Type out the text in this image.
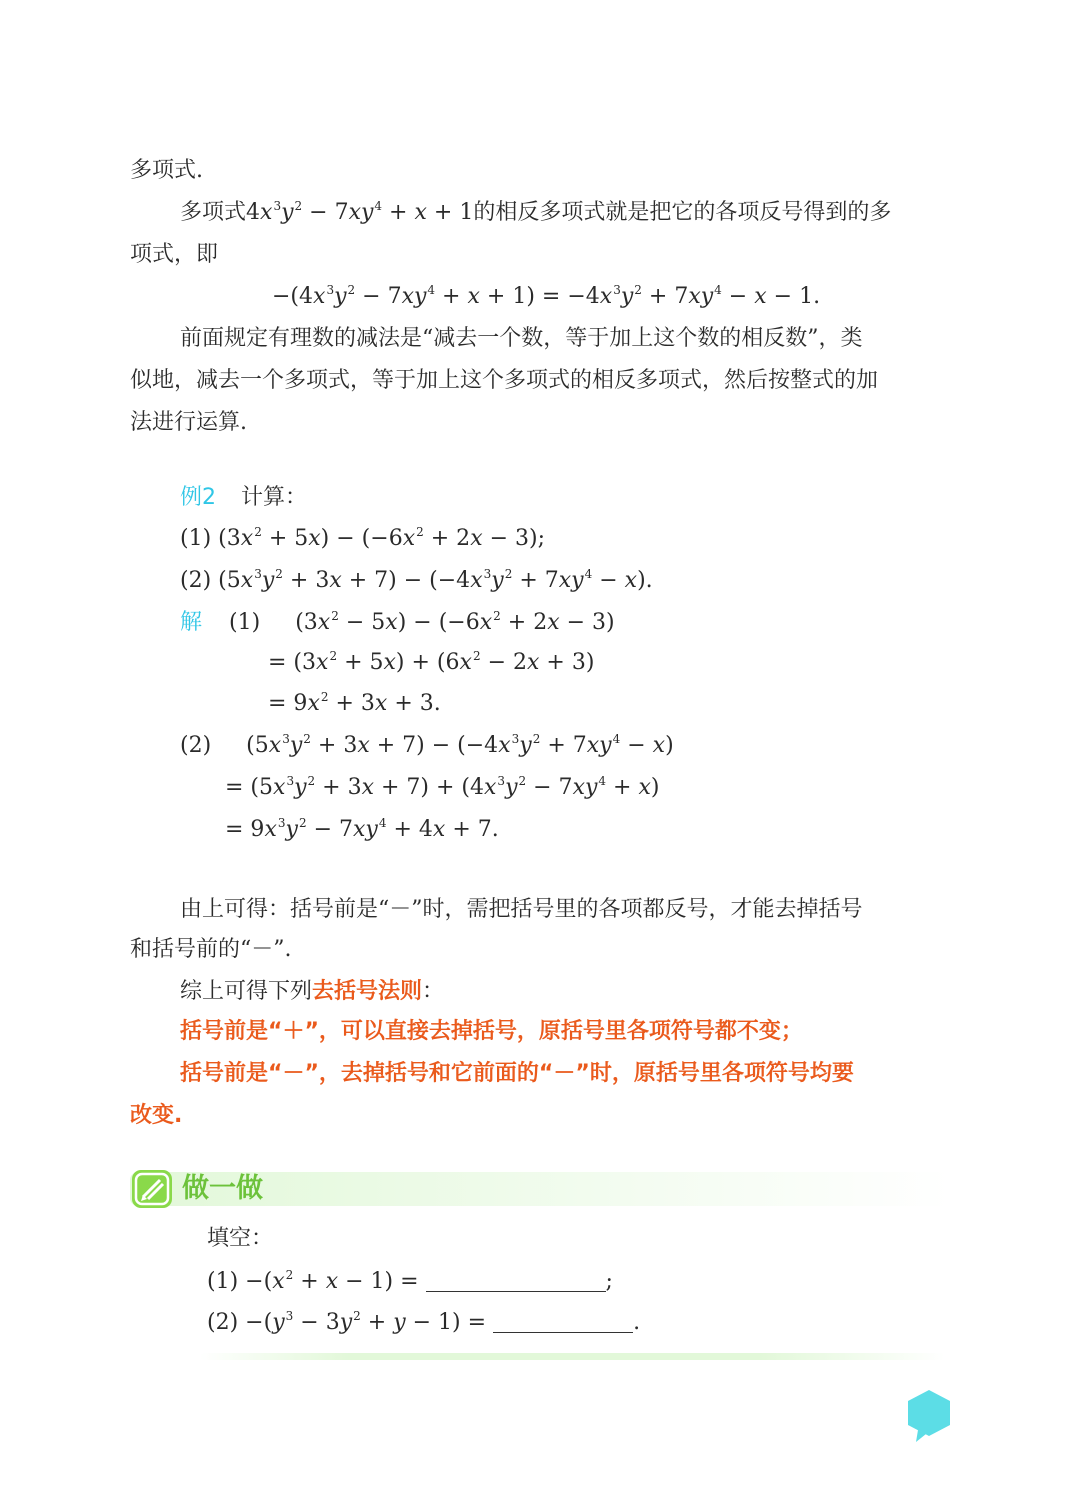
多项式.
多项式$4x^3y^2 - 7xy^4 + x + 1$的相反多项式就是把它的各项反号得到的多
项式，即
$-(4x^3y^2 - 7xy^4 + x + 1) = -4x^3y^2 + 7xy^4 - x - 1$.
前面规定有理数的减法是“减去一个数，等于加上这个数的相反数”，类
似地，减去一个多项式，等于加上这个多项式的相反多项式，然后按整式的加
法进行运算.
例2 计算：
(1) $(3x^2 + 5x) - (-6x^2 + 2x - 3)$;
(2) $(5x^3y^2 + 3x + 7) - (-4x^3y^2 + 7xy^4 - x)$.
解 (1) $(3x^2 - 5x) - (-6x^2 + 2x - 3)$
= $(3x^2 + 5x) + (6x^2 - 2x + 3)$
= $9x^2 + 3x + 3$.
(2) $(5x^3y^2 + 3x + 7) - (-4x^3y^2 + 7xy^4 - x)$
= $(5x^3y^2 + 3x + 7) + (4x^3y^2 - 7xy^4 + x)$
= $9x^3y^2 - 7xy^4 + 4x + 7$.
由上可得：括号前是“－”时，需把括号里的各项都反号，才能去掉括号
和括号前的“－”.
综上可得下列去括号法则：
括号前是“＋”，可以直接去掉括号，原括号里各项符号都不变；
括号前是“－”，去掉括号和它前面的“－”时，原括号里各项符号均要
改变.
做一做
填空：
$(1) -(x^2 + x - 1)$ =	;
$(2) -(y^3 - 3y^2 + y - 1)$ =	.
